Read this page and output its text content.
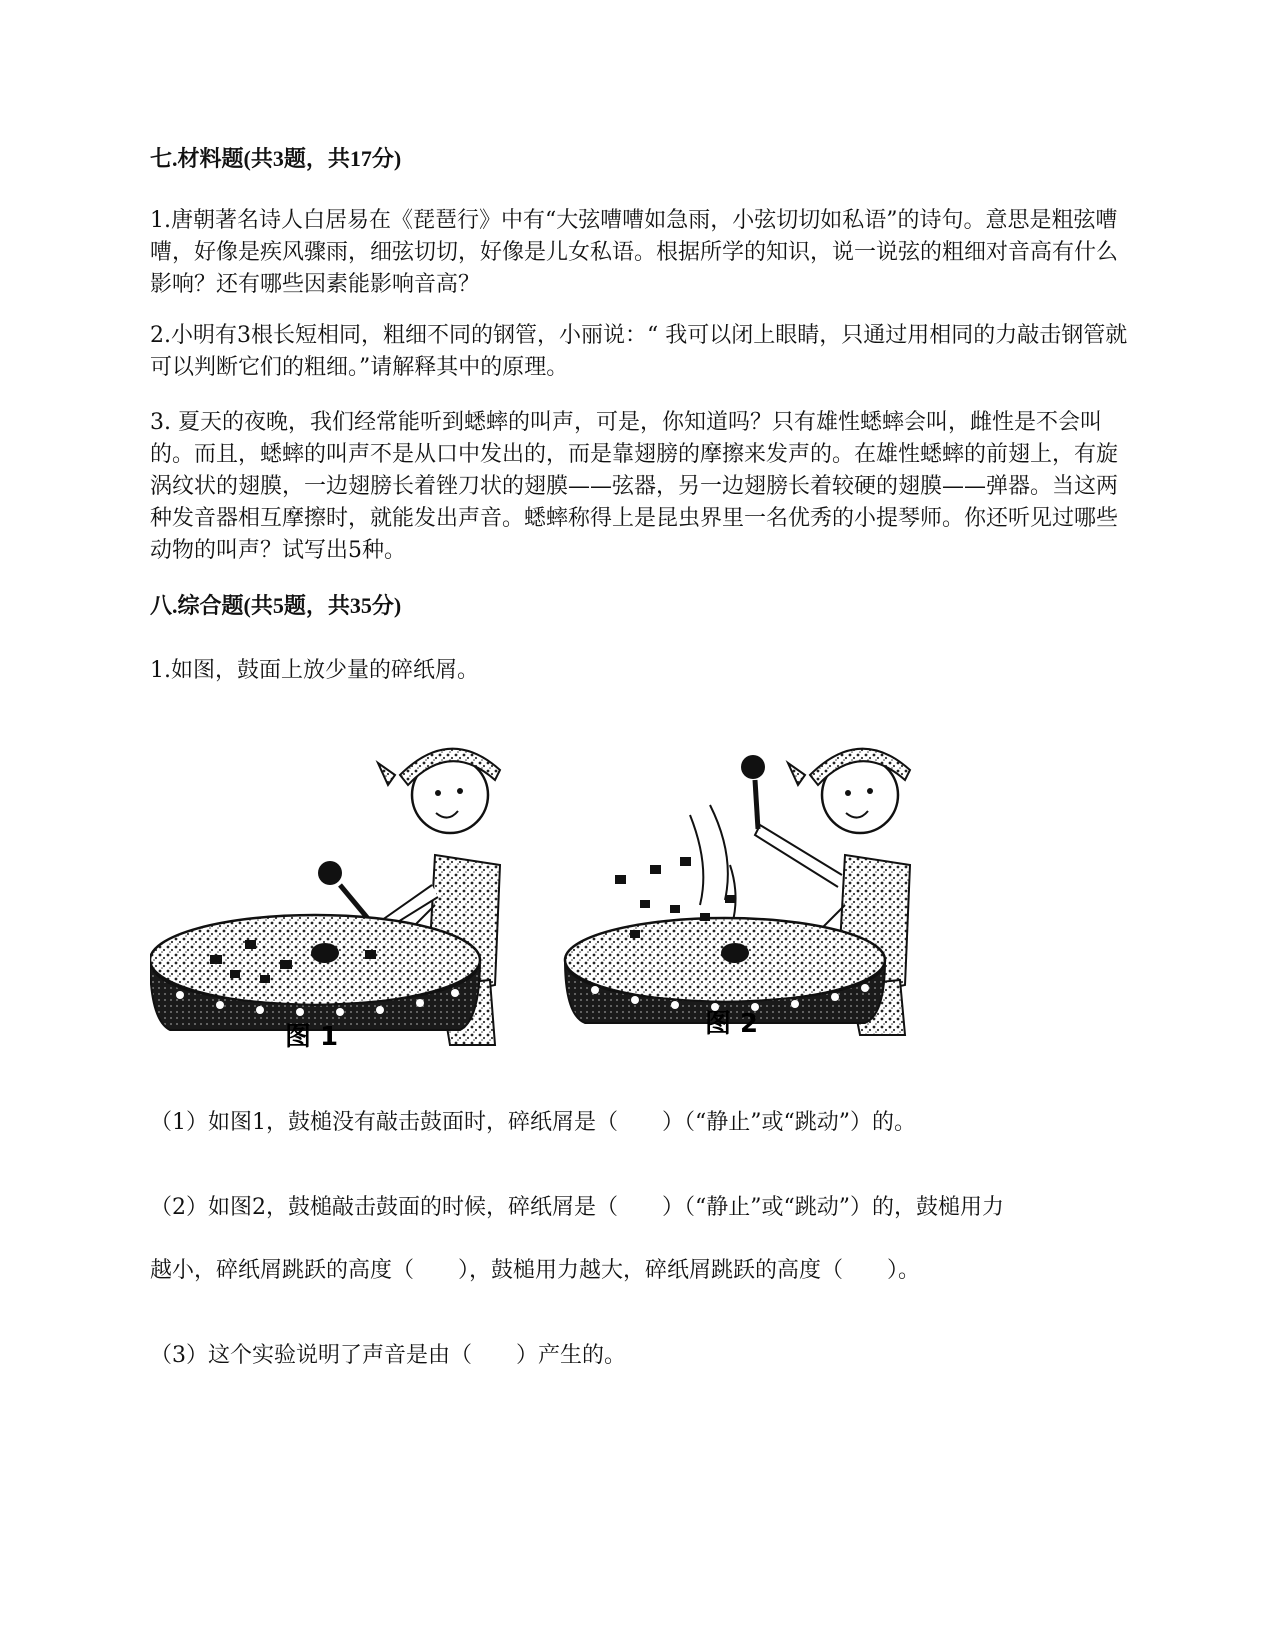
七.材料题(共3题，共17分)

1.唐朝著名诗人白居易在《琵琶行》中有“大弦嘈嘈如急雨，小弦切切如私语”的诗句。意思是粗弦嘈嘈，好像是疾风骤雨，细弦切切，好像是儿女私语。根据所学的知识，说一说弦的粗细对音高有什么影响？还有哪些因素能影响音高？

2.小明有3根长短相同，粗细不同的钢管，小丽说：“ 我可以闭上眼睛，只通过用相同的力敲击钢管就可以判断它们的粗细。”请解释其中的原理。

3. 夏天的夜晚，我们经常能听到蟋蟀的叫声，可是，你知道吗？只有雄性蟋蟀会叫，雌性是不会叫的。而且，蟋蟀的叫声不是从口中发出的，而是靠翅膀的摩擦来发声的。在雄性蟋蟀的前翅上，有旋涡纹状的翅膜，一边翅膀长着锉刀状的翅膜——弦器，另一边翅膀长着较硬的翅膜——弹器。当这两种发音器相互摩擦时，就能发出声音。蟋蟀称得上是昆虫界里一名优秀的小提琴师。你还听见过哪些动物的叫声？试写出5种。

八.综合题(共5题，共35分)

1.如图，鼓面上放少量的碎纸屑。

图 1	图 2

（1）如图1，鼓槌没有敲击鼓面时，碎纸屑是（　　）（“静止”或“跳动”）的。

（2）如图2，鼓槌敲击鼓面的时候，碎纸屑是（　　）（“静止”或“跳动”）的，鼓槌用力

越小，碎纸屑跳跃的高度（　　），鼓槌用力越大，碎纸屑跳跃的高度（　　）。

（3）这个实验说明了声音是由（　　）产生的。
